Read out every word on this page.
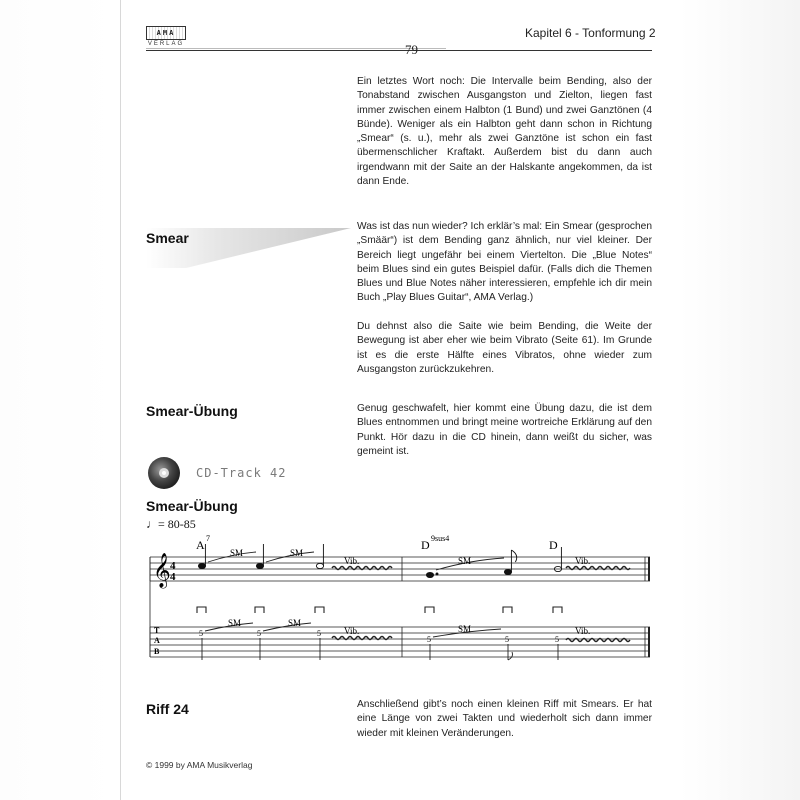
AMA
VERLAG	79
Kapitel 6 - Tonformung 2

Ein letztes Wort noch: Die Intervalle beim Bending, also der Tonabstand zwischen Ausgangston und Zielton, liegen fast immer zwischen einem Halbton (1 Bund) und zwei Ganztönen (4 Bünde). Weniger als ein Halbton geht dann schon in Richtung „Smear“ (s. u.), mehr als zwei Ganztöne ist schon ein fast übermenschlicher Kraftakt. Außerdem bist du dann auch irgendwann mit der Saite an der Halskante angekommen, da ist dann Ende.

Smear

Was ist das nun wieder? Ich erklär’s mal: Ein Smear (gesprochen „Smäär“) ist dem Bending ganz ähnlich, nur viel kleiner. Der Bereich liegt ungefähr bei einem Viertelton. Die „Blue Notes“ beim Blues sind ein gutes Beispiel dafür. (Falls dich die Themen Blues und Blue Notes näher interessieren, empfehle ich dir mein Buch „Play Blues Guitar“, AMA Verlag.)

Du dehnst also die Saite wie beim Bending, die Weite der Bewegung ist aber eher wie beim Vibrato (Seite 61). Im Grunde ist es die erste Hälfte eines Vibratos, ohne wieder zum Ausgangston zurückzukehren.

Smear-Übung	Genug geschwafelt, hier kommt eine Übung dazu, die ist dem Blues entnommen und bringt meine wortreiche Erklärung auf den Punkt. Hör dazu in die CD hinein, dann weißt du sicher, was gemeint ist.

CD-Track 42
Smear-Übung
♩= 80-85
A 7	D 9sus4	D
𝄞 4
4
SM	SM
SM
Vib.	Vib.
T
A
B
5	5	5
5	5	5
SM	SM
SM
Vib.	Vib.
Riff 24	Anschließend gibt’s noch einen kleinen Riff mit Smears. Er hat eine Länge von zwei Takten und wiederholt sich dann immer wieder mit kleinen Veränderungen.

© 1999 by AMA Musikverlag
